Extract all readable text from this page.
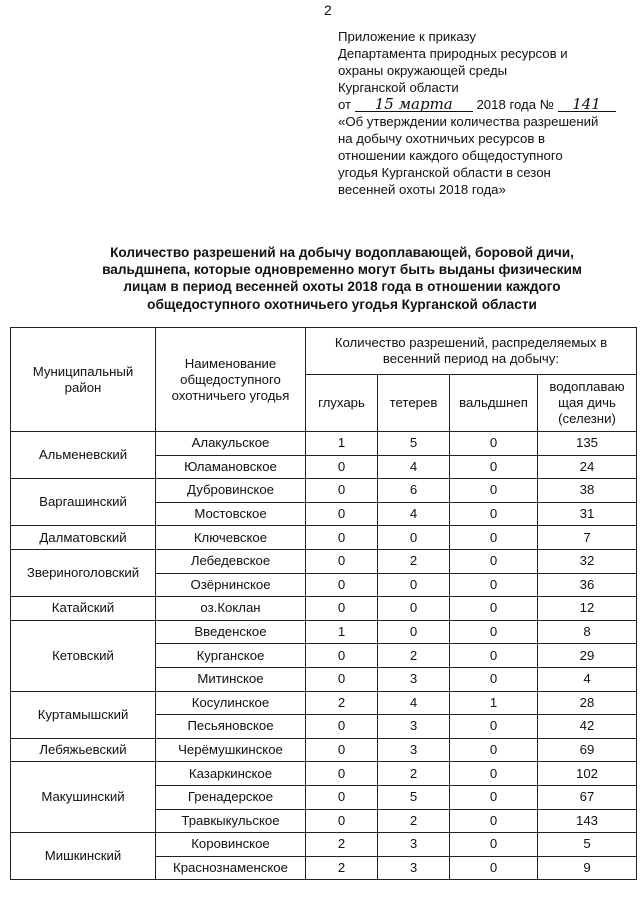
2
Приложение к приказу
Департамента природных ресурсов и
охраны окружающей среды
Курганской области
от 15 марта 2018 года № 141
«Об утверждении количества разрешений
на добычу охотничьих ресурсов в
отношении каждого общедоступного
угодья Курганской области в сезон
весенней охоты 2018 года»
Количество разрешений на добычу водоплавающей, боровой дичи,
вальдшнепа, которые одновременно могут быть выданы физическим
лицам в период весенней охоты 2018 года в отношении каждого
общедоступного охотничьего угодья Курганской области
Муниципальный район	Наименование общедоступного охотничьего угодья	Количество разрешений, распределяемых в весенний период на добычу:			
		глухарь	тетерев	вальдшнеп	водоплаваю щая дичь (селезни)
Альменевский	Алакульское	1	5	0	135
	Юламановское	0	4	0	24
Варгашинский	Дубровинское	0	6	0	38
	Мостовское	0	4	0	31
Далматовский	Ключевское	0	0	0	7
Звериноголовский	Лебедевское	0	2	0	32
	Озёрнинское	0	0	0	36
Катайский	оз.Коклан	0	0	0	12
Кетовский	Введенское	1	0	0	8
	Курганское	0	2	0	29
	Митинское	0	3	0	4
Куртамышский	Косулинское	2	4	1	28
	Песьяновское	0	3	0	42
Лебяжьевский	Черёмушкинское	0	3	0	69
Макушинский	Казаркинское	0	2	0	102
	Гренадерское	0	5	0	67
	Травкыкульское	0	2	0	143
Мишкинский	Коровинское	2	3	0	5
	Краснознаменское	2	3	0	9
